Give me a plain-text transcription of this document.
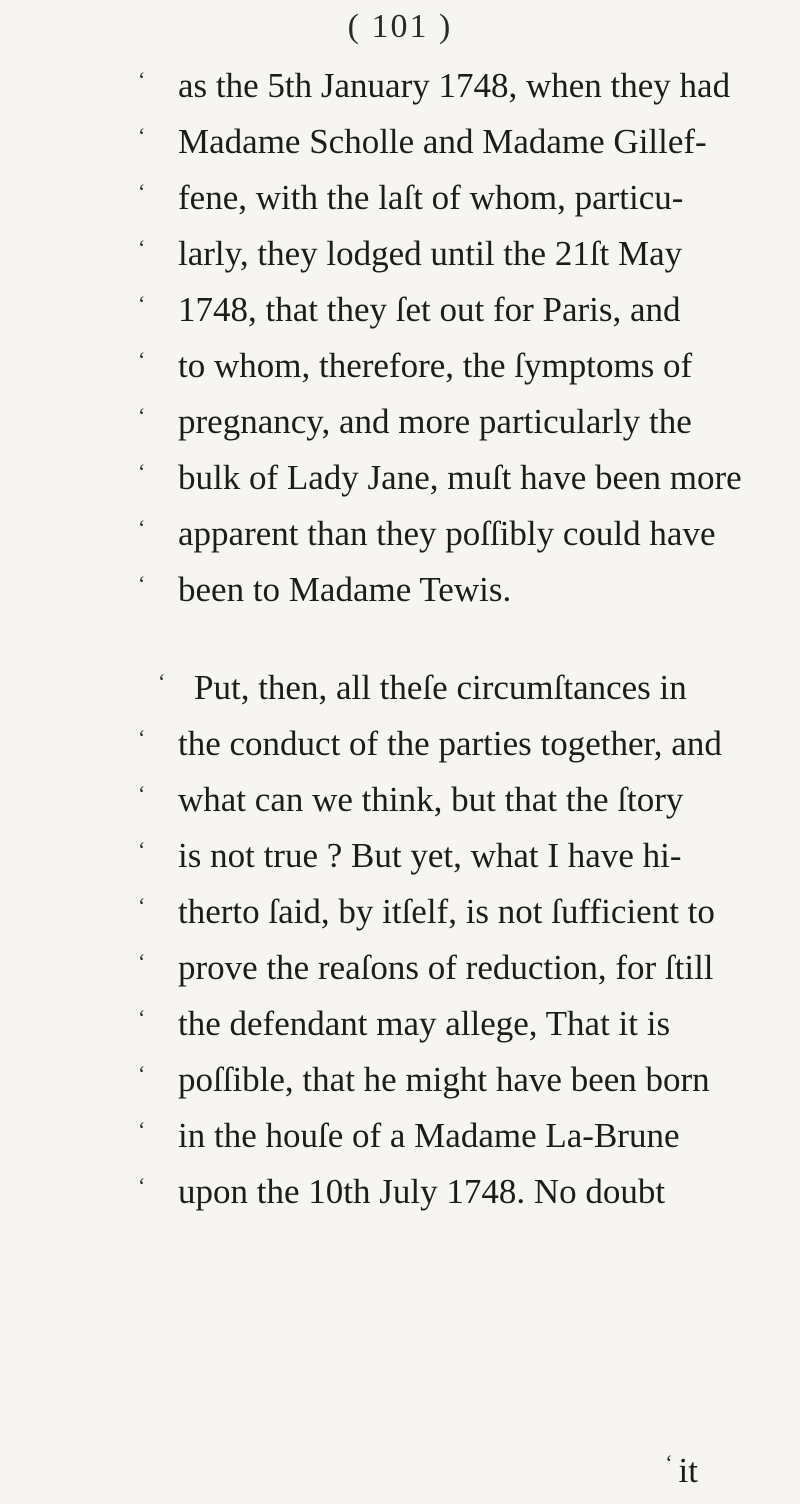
( 101 )
‘ as the 5th January 1748, when they had
‘ Madame Scholle and Madame Gillef-
‘ fene, with the laſt of whom, particu-
‘ larly, they lodged until the 21ſt May
‘ 1748, that they ſet out for Paris, and
‘ to whom, therefore, the ſymptoms of
‘ pregnancy, and more particularly the
‘ bulk of Lady Jane, muſt have been more
‘ apparent than they poſſibly could have
‘ been to Madame Tewis.
‘ Put, then, all theſe circumſtances in
‘ the conduct of the parties together, and
‘ what can we think, but that the ſtory
‘ is not true ? But yet, what I have hi-
‘ therto ſaid, by itſelf, is not ſufficient to
‘ prove the reaſons of reduction, for ſtill
‘ the defendant may allege, That it is
‘ poſſible, that he might have been born
‘ in the houſe of a Madame La-Brune
‘ upon the 10th July 1748. No doubt
‘ it
